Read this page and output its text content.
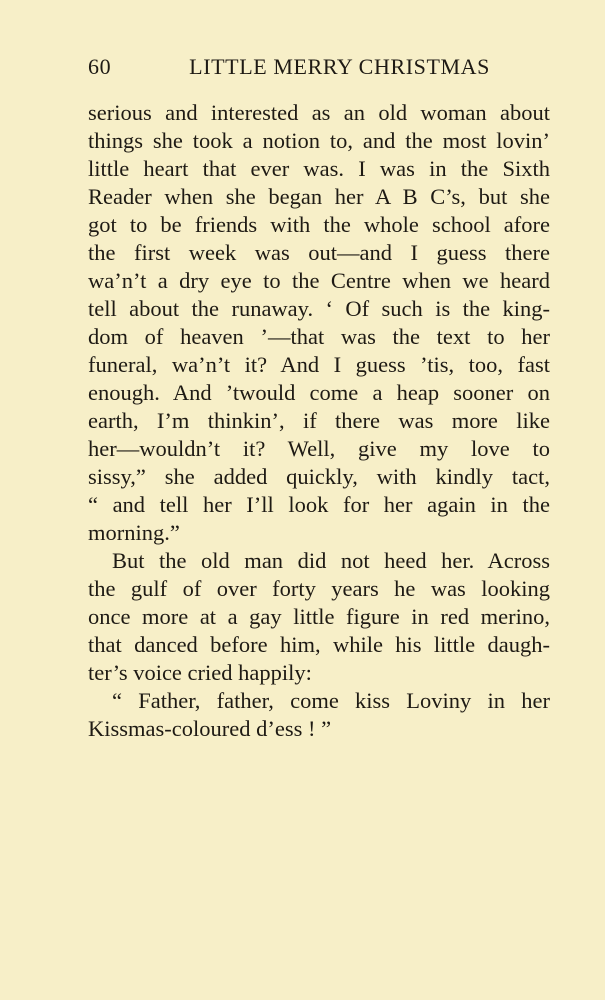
60	LITTLE MERRY CHRISTMAS
serious and interested as an old woman about
things she took a notion to, and the most lovin’
little heart that ever was. I was in the Sixth
Reader when she began her A B C’s, but she
got to be friends with the whole school afore
the first week was out—and I guess there
wa’n’t a dry eye to the Centre when we heard
tell about the runaway. ‘ Of such is the king-
dom of heaven ’—that was the text to her
funeral, wa’n’t it? And I guess ’tis, too, fast
enough. And ’twould come a heap sooner on
earth, I’m thinkin’, if there was more like
her—wouldn’t it? Well, give my love to
sissy,” she added quickly, with kindly tact,
“ and tell her I’ll look for her again in the
morning.”
But the old man did not heed her. Across
the gulf of over forty years he was looking
once more at a gay little figure in red merino,
that danced before him, while his little daugh-
ter’s voice cried happily:
“ Father, father, come kiss Loviny in her
Kissmas-coloured d’ess ! ”
